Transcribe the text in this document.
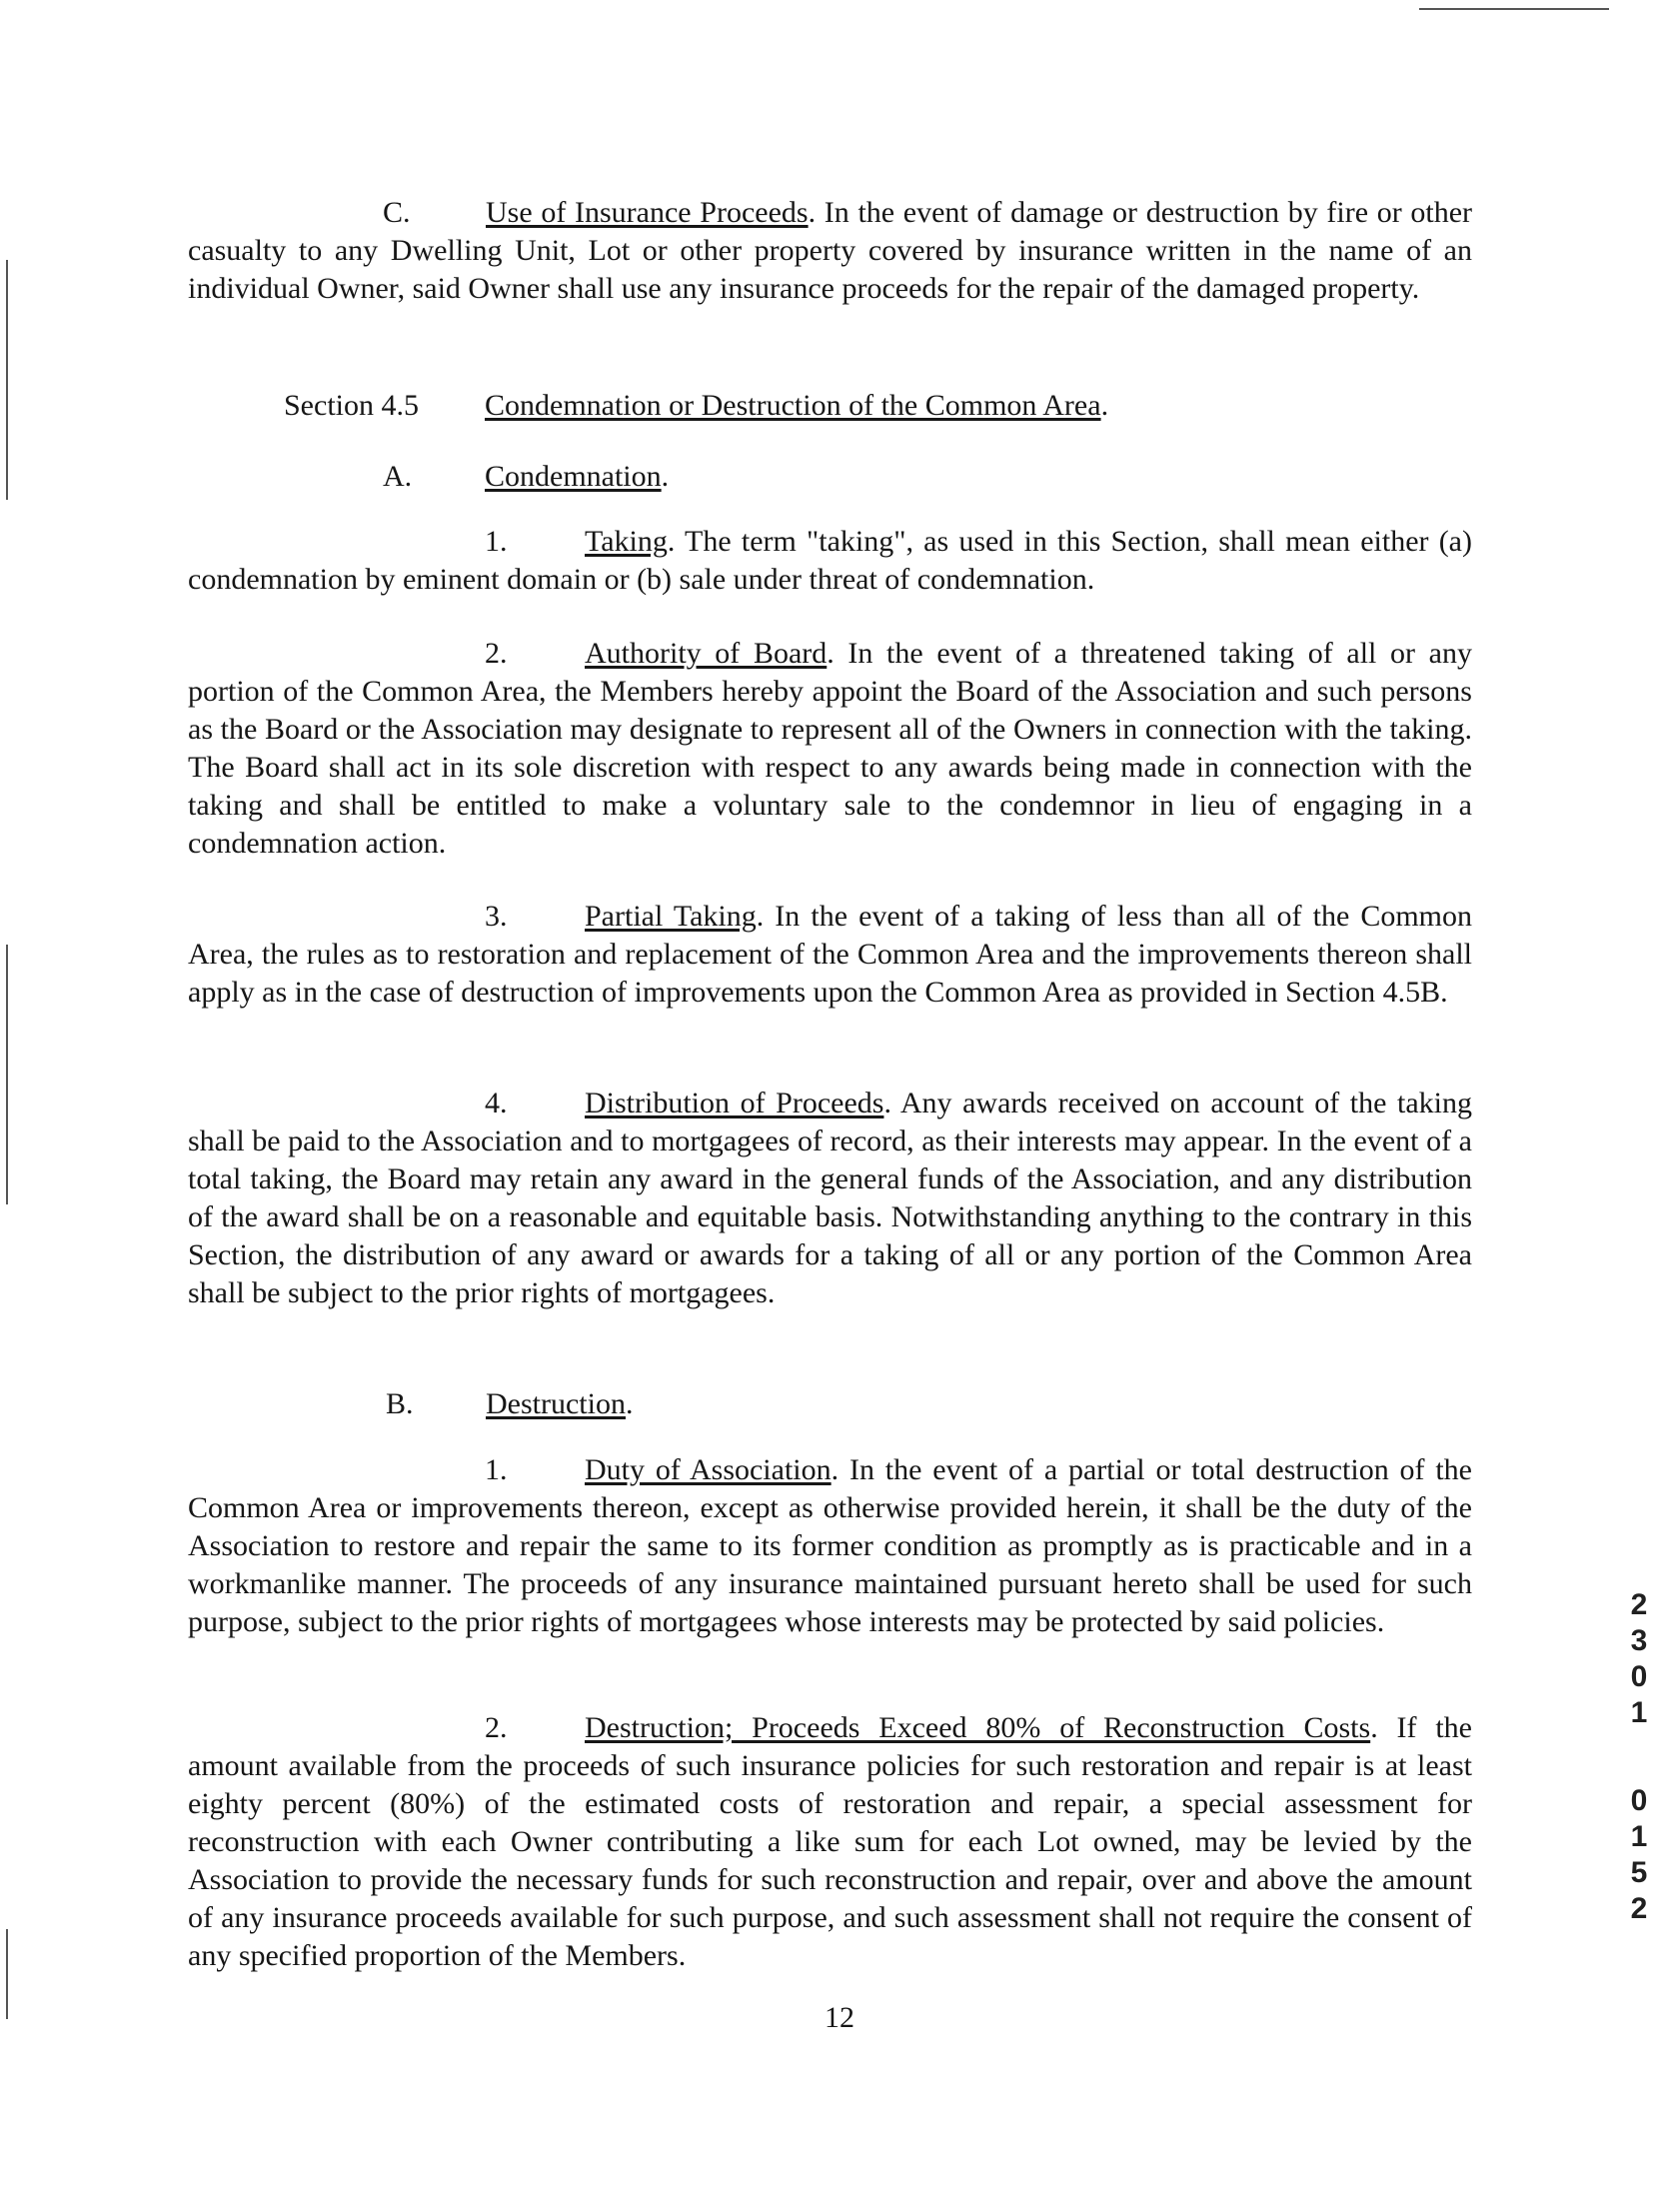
C.	Use of Insurance Proceeds. In the event of damage or destruction by fire or other casualty to any Dwelling Unit, Lot or other property covered by insurance written in the name of an individual Owner, said Owner shall use any insurance proceeds for the repair of the damaged property.

Section 4.5 Condemnation or Destruction of the Common Area.
A. Condemnation.

1.	Taking. The term "taking", as used in this Section, shall mean either (a) condemnation by eminent domain or (b) sale under threat of condemnation.

2.	Authority of Board. In the event of a threatened taking of all or any portion of the Common Area, the Members hereby appoint the Board of the Association and such persons as the Board or the Association may designate to represent all of the Owners in connection with the taking. The Board shall act in its sole discretion with respect to any awards being made in connection with the taking and shall be entitled to make a voluntary sale to the condemnor in lieu of engaging in a condemnation action.

3.	Partial Taking. In the event of a taking of less than all of the Common Area, the rules as to restoration and replacement of the Common Area and the improvements thereon shall apply as in the case of destruction of improvements upon the Common Area as provided in Section 4.5B.

4.	Distribution of Proceeds. Any awards received on account of the taking shall be paid to the Association and to mortgagees of record, as their interests may appear. In the event of a total taking, the Board may retain any award in the general funds of the Association, and any distribution of the award shall be on a reasonable and equitable basis. Notwithstanding anything to the contrary in this Section, the distribution of any award or awards for a taking of all or any portion of the Common Area shall be subject to the prior rights of mortgagees.

B. Destruction.

1.	Duty of Association. In the event of a partial or total destruction of the Common Area or improvements thereon, except as otherwise provided herein, it shall be the duty of the Association to restore and repair the same to its former condition as promptly as is practicable and in a workmanlike manner. The proceeds of any insurance maintained pursuant hereto shall be used for such purpose, subject to the prior rights of mortgagees whose interests may be protected by said policies.

2.	Destruction; Proceeds Exceed 80% of Reconstruction Costs. If the amount available from the proceeds of such insurance policies for such restoration and repair is at least eighty percent (80%) of the estimated costs of restoration and repair, a special assessment for reconstruction with each Owner contributing a like sum for each Lot owned, may be levied by the Association to provide the necessary funds for such reconstruction and repair, over and above the amount of any insurance proceeds available for such purpose, and such assessment shall not require the consent of any specified proportion of the Members.

12
2
3
0
1
0
1
5
2
